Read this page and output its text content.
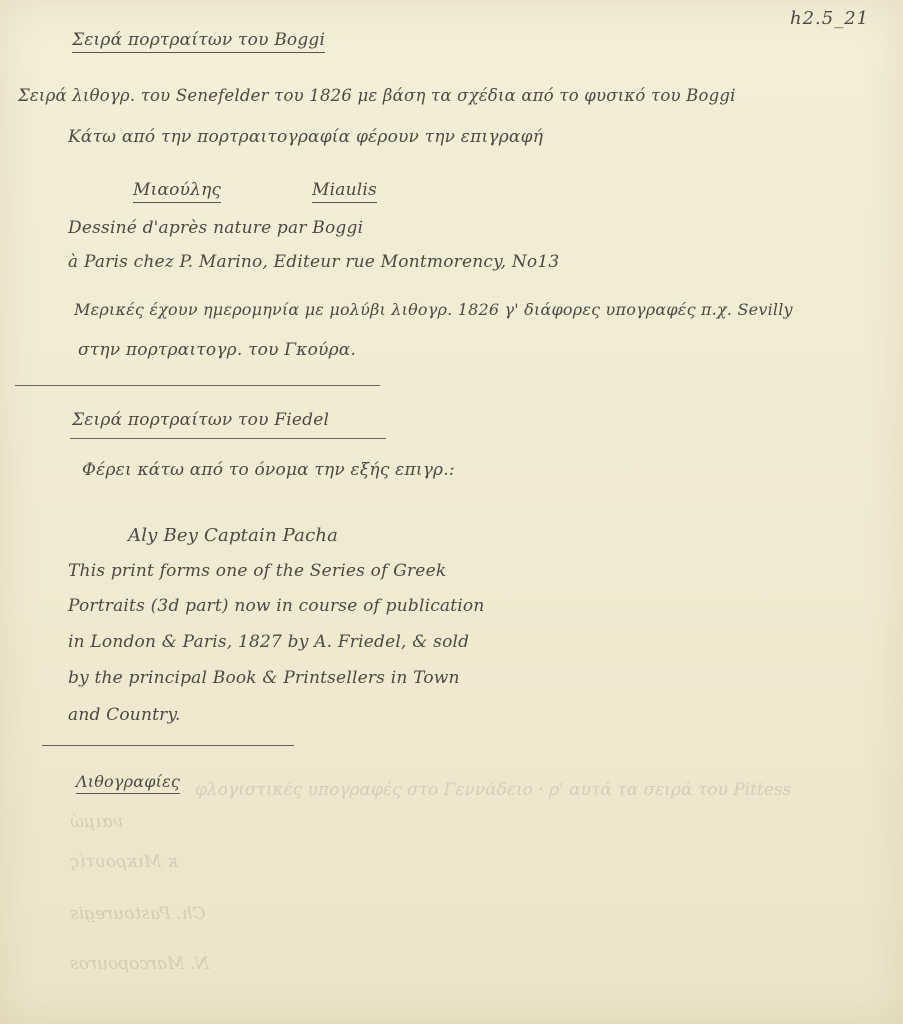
φλογιστικές υπογραφές στο Γεννάδειο · ρ' αυτά τα σειρά του Pittess
ναιμώ
κ Μικρουτίς
Ch. Pastouregis
N. Marcopouros
h2.5_21
Σειρά πορτραίτων του Boggi
Σειρά λιθογρ. του Senefelder του 1826 με βάση τα σχέδια από το φυσικό του Boggi
Κάτω από την πορτραιτογραφία φέρουν την επιγραφή
Μιαούλης	Miaulis
Dessiné d'après nature par Boggi
à Paris chez P. Marino, Editeur rue Montmorency, No13
Μερικές έχουν ημερομηνία με μολύβι λιθογρ. 1826 γ' διάφορες υπογραφές π.χ. Sevilly
στην πορτραιτογρ. του Γκούρα.
Σειρά πορτραίτων του Fiedel
Φέρει κάτω από το όνομα την εξής επιγρ.:
Aly Bey Captain Pacha
This print forms one of the Series of Greek
Portraits (3d part) now in course of publication
in London & Paris, 1827 by A. Friedel, & sold
by the principal Book & Printsellers in Town
and Country.
Λιθογραφίες
